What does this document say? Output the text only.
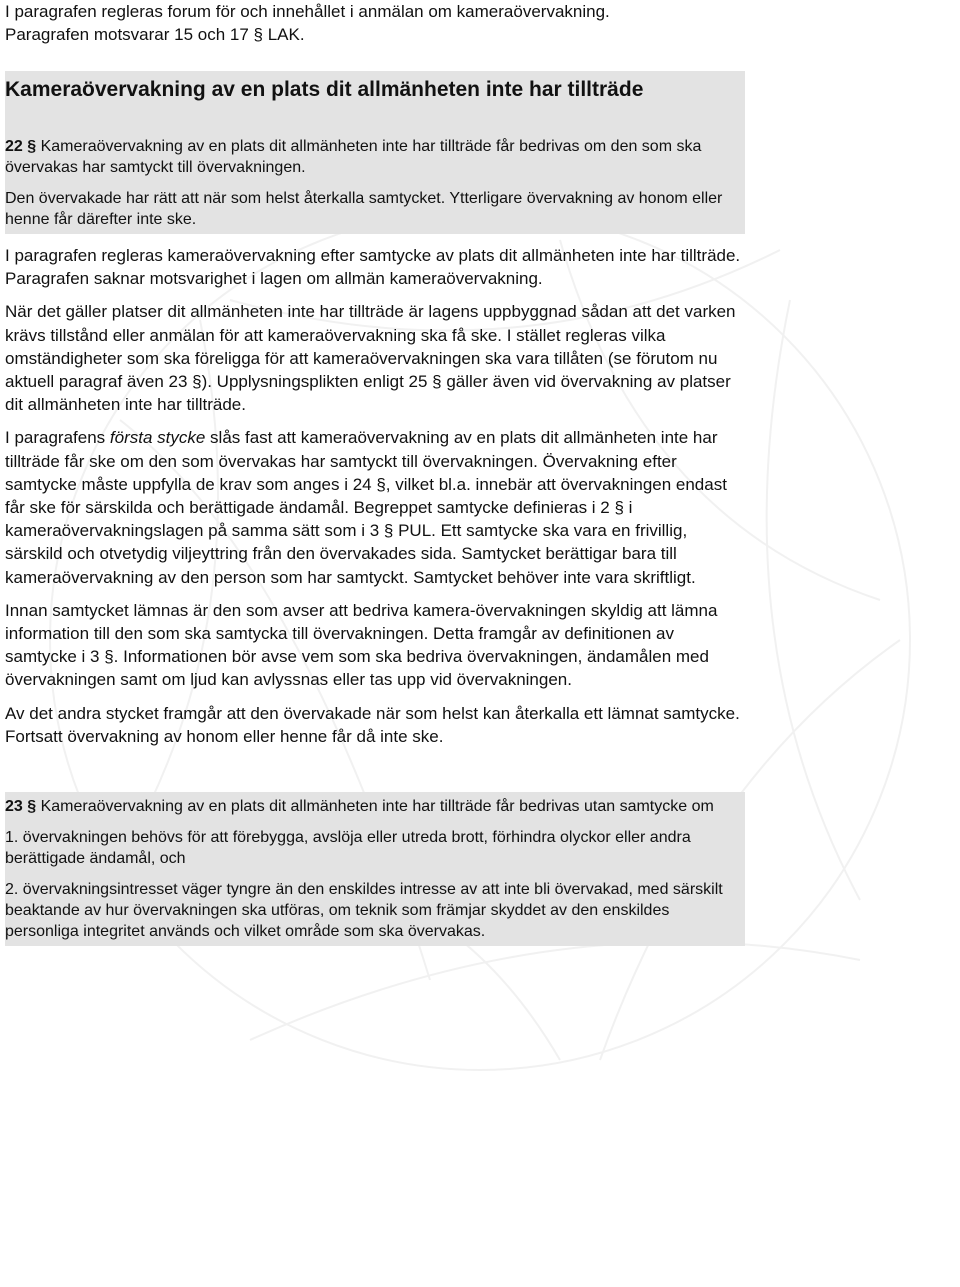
I paragrafen regleras forum för och innehållet i anmälan om kameraövervakning.
Paragrafen motsvarar 15 och 17 § LAK.

Kameraövervakning av en plats dit allmänheten inte har tillträde

22 § Kameraövervakning av en plats dit allmänheten inte har tillträde får bedrivas om den som ska övervakas har samtyckt till övervakningen.

Den övervakade har rätt att när som helst återkalla samtycket. Ytterligare övervakning av honom eller henne får därefter inte ske.

I paragrafen regleras kameraövervakning efter samtycke av plats dit allmänheten inte har tillträde. Paragrafen saknar motsvarighet i lagen om allmän kameraövervakning.

När det gäller platser dit allmänheten inte har tillträde är lagens uppbyggnad sådan att det varken krävs tillstånd eller anmälan för att kameraövervakning ska få ske. I stället regleras vilka omständigheter som ska föreligga för att kameraövervakningen ska vara tillåten (se förutom nu aktuell paragraf även 23 §). Upplysningsplikten enligt 25 § gäller även vid övervakning av platser dit allmänheten inte har tillträde.

I paragrafens första stycke slås fast att kameraövervakning av en plats dit allmänheten inte har tillträde får ske om den som övervakas har samtyckt till övervakningen. Övervakning efter samtycke måste uppfylla de krav som anges i 24 §, vilket bl.a. innebär att övervakningen endast får ske för särskilda och berättigade ändamål. Begreppet samtycke definieras i 2 § i kameraövervakningslagen på samma sätt som i 3 § PUL. Ett samtycke ska vara en frivillig, särskild och otvetydig viljeyttring från den övervakades sida. Samtycket berättigar bara till kameraövervakning av den person som har samtyckt. Samtycket behöver inte vara skriftligt.

Innan samtycket lämnas är den som avser att bedriva kamera-övervakningen skyldig att lämna information till den som ska samtycka till övervakningen. Detta framgår av definitionen av samtycke i 3 §. Informationen bör avse vem som ska bedriva övervakningen, ändamålen med övervakningen samt om ljud kan avlyssnas eller tas upp vid övervakningen.

Av det andra stycket framgår att den övervakade när som helst kan återkalla ett lämnat samtycke. Fortsatt övervakning av honom eller henne får då inte ske.

23 § Kameraövervakning av en plats dit allmänheten inte har tillträde får bedrivas utan samtycke om

1. övervakningen behövs för att förebygga, avslöja eller utreda brott, förhindra olyckor eller andra berättigade ändamål, och

2. övervakningsintresset väger tyngre än den enskildes intresse av att inte bli övervakad, med särskilt beaktande av hur övervakningen ska utföras, om teknik som främjar skyddet av den enskildes personliga integritet används och vilket område som ska övervakas.
